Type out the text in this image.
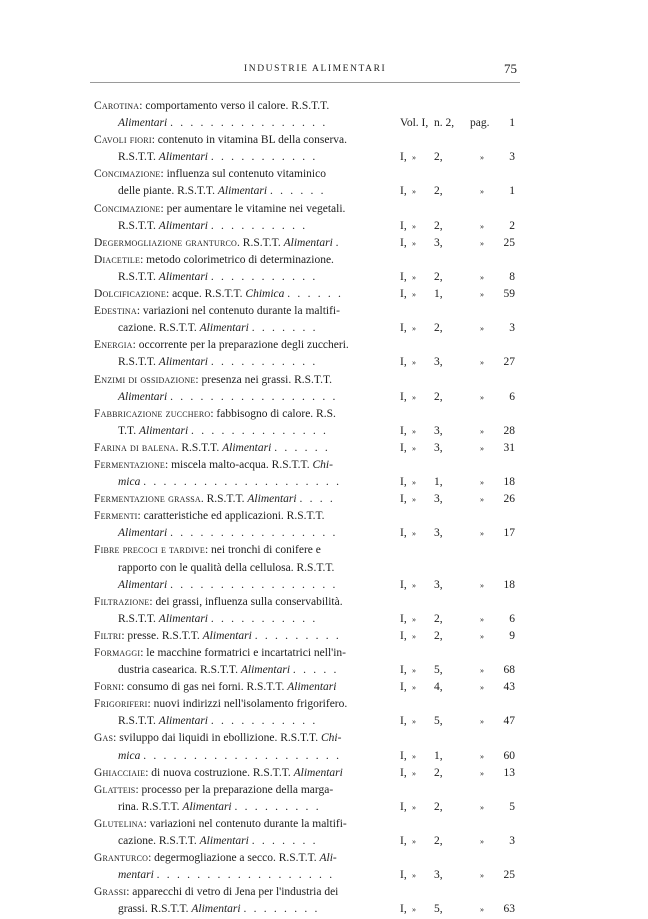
INDUSTRIE ALIMENTARI	75
Carotina: comportamento verso il calore. R.S.T.T.
Alimentari . . . . . . . . . . . . . . . .	Vol. I, n. 2, pag. 1
Cavoli fiori: contenuto in vitamina BL della conserva.
R.S.T.T. Alimentari . . . . . . . . . . .	I, » 2,	» 3
Concimazione: influenza sul contenuto vitaminico
delle piante. R.S.T.T. Alimentari . . . . . .	I, » 2,	» 1
Concimazione: per aumentare le vitamine nei vegetali.
R.S.T.T. Alimentari . . . . . . . . . .	I, » 2,	» 2
Degermogliazione granturco. R.S.T.T. Alimentari .	I, » 3,	» 25
Diacetile: metodo colorimetrico di determinazione.
R.S.T.T. Alimentari . . . . . . . . . . .	I, » 2,	» 8
Dolcificazione: acque. R.S.T.T. Chimica . . . . . .	I, » 1,	» 59
Edestina: variazioni nel contenuto durante la maltifi-
cazione. R.S.T.T. Alimentari . . . . . . .	I, » 2,	» 3
Energia: occorrente per la preparazione degli zuccheri.
R.S.T.T. Alimentari . . . . . . . . . . .	I, » 3,	» 27
Enzimi di ossidazione: presenza nei grassi. R.S.T.T.
Alimentari . . . . . . . . . . . . . . . . .	I, » 2,	» 6
Fabbricazione zucchero: fabbisogno di calore. R.S.
T.T. Alimentari . . . . . . . . . . . . . .	I, » 3,	» 28
Farina di balena. R.S.T.T. Alimentari . . . . . .	I, » 3,	» 31
Fermentazione: miscela malto-acqua. R.S.T.T. Chi-
mica . . . . . . . . . . . . . . . . . . . .	I, » 1,	» 18
Fermentazione grassa. R.S.T.T. Alimentari . . . .	I, » 3,	» 26
Fermenti: caratteristiche ed applicazioni. R.S.T.T.
Alimentari . . . . . . . . . . . . . . . . .	I, » 3,	» 17
Fibre precoci e tardive: nei tronchi di conifere e
rapporto con le qualità della cellulosa. R.S.T.T.
Alimentari . . . . . . . . . . . . . . . . .	I, » 3,	» 18
Filtrazione: dei grassi, influenza sulla conservabilità.
R.S.T.T. Alimentari . . . . . . . . . . .	I, » 2,	» 6
Filtri: presse. R.S.T.T. Alimentari . . . . . . . . .	I, » 2,	» 9
Formaggi: le macchine formatrici e incartatrici nell'in-
dustria casearica. R.S.T.T. Alimentari . . . . .	I, » 5,	» 68
Forni: consumo di gas nei forni. R.S.T.T. Alimentari	I, » 4,	» 43
Frigoriferi: nuovi indirizzi nell'isolamento frigorifero.
R.S.T.T. Alimentari . . . . . . . . . . .	I, » 5,	» 47
Gas: sviluppo dai liquidi in ebollizione. R.S.T.T. Chi-
mica . . . . . . . . . . . . . . . . . . . .	I, » 1,	» 60
Ghiacciaie: di nuova costruzione. R.S.T.T. Alimentari	I, » 2,	» 13
Glatteis: processo per la preparazione della marga-
rina. R.S.T.T. Alimentari . . . . . . . . .	I, » 2,	» 5
Glutelina: variazioni nel contenuto durante la maltifi-
cazione. R.S.T.T. Alimentari . . . . . . .	I, » 2,	» 3
Granturco: degermogliazione a secco. R.S.T.T. Ali-
mentari . . . . . . . . . . . . . . . . . .	I, » 3,	» 25
Grassi: apparecchi di vetro di Jena per l'industria dei
grassi. R.S.T.T. Alimentari . . . . . . . .	I, » 5,	» 63
